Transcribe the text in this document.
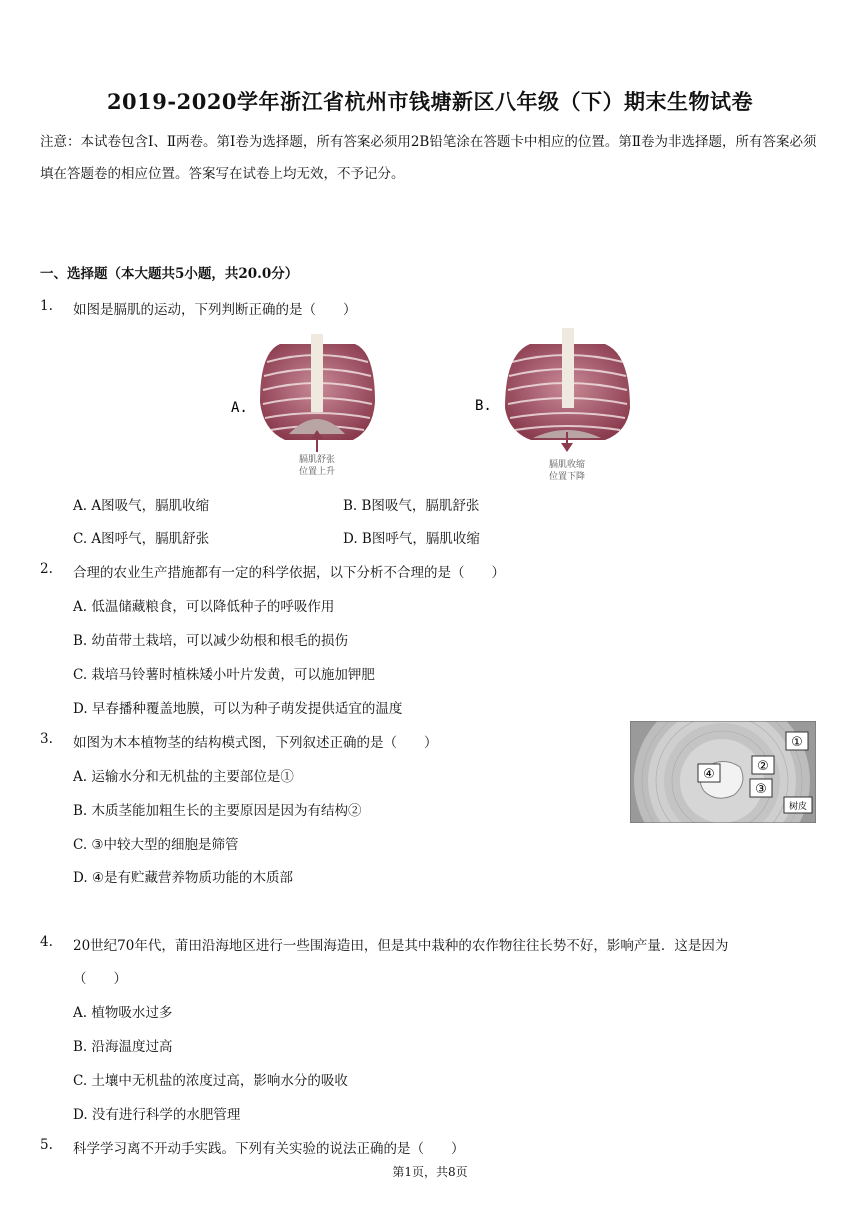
2019-2020学年浙江省杭州市钱塘新区八年级（下）期末生物试卷
注意：本试卷包含Ⅰ、Ⅱ两卷。第Ⅰ卷为选择题，所有答案必须用2B铅笔涂在答题卡中相应的位置。第Ⅱ卷为非选择题，所有答案必须填在答题卷的相应位置。答案写在试卷上均无效，不予记分。
一、选择题（本大题共5小题，共20.0分）
1. 如图是膈肌的运动，下列判断正确的是（　　）
A.
膈肌舒张
位置上升
B.
膈肌收缩
位置下降
A. A图吸气，膈肌收缩	B. B图吸气，膈肌舒张
C. A图呼气，膈肌舒张	D. B图呼气，膈肌收缩
2. 合理的农业生产措施都有一定的科学依据，以下分析不合理的是（　　）
A. 低温储藏粮食，可以降低种子的呼吸作用
B. 幼苗带土栽培，可以减少幼根和根毛的损伤
C. 栽培马铃薯时植株矮小叶片发黄，可以施加钾肥
D. 早春播种覆盖地膜，可以为种子萌发提供适宜的温度
3. 如图为木本植物茎的结构模式图，下列叙述正确的是（　　）	①
②
③
④
树皮
A. 运输水分和无机盐的主要部位是①
B. 木质茎能加粗生长的主要原因是因为有结构②
C. ③中较大型的细胞是筛管
D. ④是有贮藏营养物质功能的木质部
4. 20世纪70年代，莆田沿海地区进行一些围海造田，但是其中栽种的农作物往往长势不好，影响产量．这是因为
（　　）
A. 植物吸水过多
B. 沿海温度过高
C. 土壤中无机盐的浓度过高，影响水分的吸收
D. 没有进行科学的水肥管理
5. 科学学习离不开动手实践。下列有关实验的说法正确的是（　　）
第1页，共8页
